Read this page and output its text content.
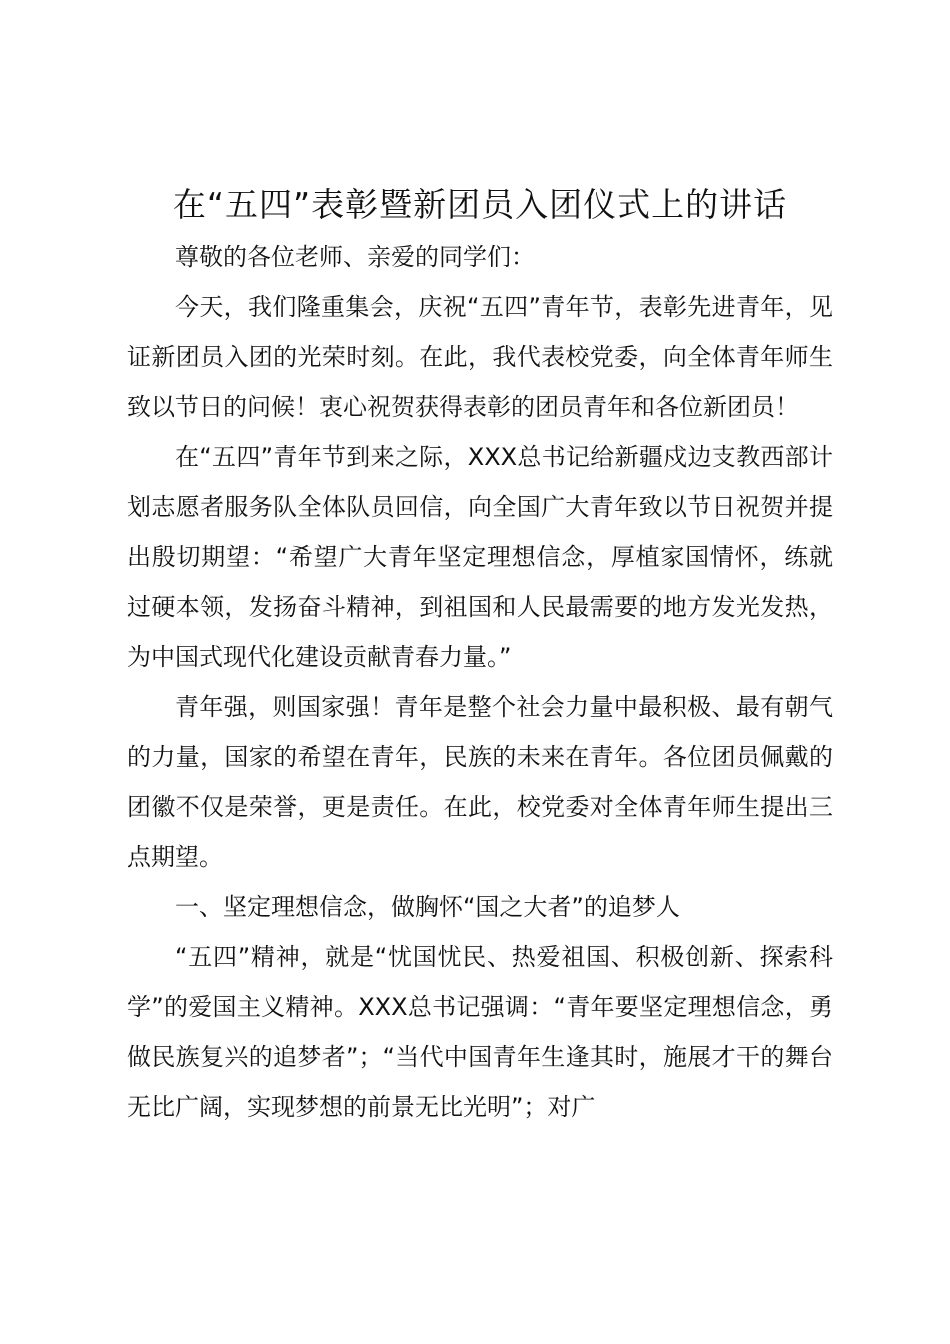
在“五四”表彰暨新团员入团仪式上的讲话

尊敬的各位老师、亲爱的同学们：

今天，我们隆重集会，庆祝“五四”青年节，表彰先进青年，见证新团员入团的光荣时刻。在此，我代表校党委，向全体青年师生致以节日的问候！衷心祝贺获得表彰的团员青年和各位新团员！

在“五四”青年节到来之际，XXX总书记给新疆戍边支教西部计划志愿者服务队全体队员回信，向全国广大青年致以节日祝贺并提出殷切期望：“希望广大青年坚定理想信念，厚植家国情怀，练就过硬本领，发扬奋斗精神，到祖国和人民最需要的地方发光发热，为中国式现代化建设贡献青春力量。”

青年强，则国家强！青年是整个社会力量中最积极、最有朝气的力量，国家的希望在青年，民族的未来在青年。各位团员佩戴的团徽不仅是荣誉，更是责任。在此，校党委对全体青年师生提出三点期望。

一、坚定理想信念，做胸怀“国之大者”的追梦人

“五四”精神，就是“忧国忧民、热爱祖国、积极创新、探索科学”的爱国主义精神。XXX总书记强调：“青年要坚定理想信念，勇做民族复兴的追梦者”；“当代中国青年生逢其时，施展才干的舞台无比广阔，实现梦想的前景无比光明”；对广
